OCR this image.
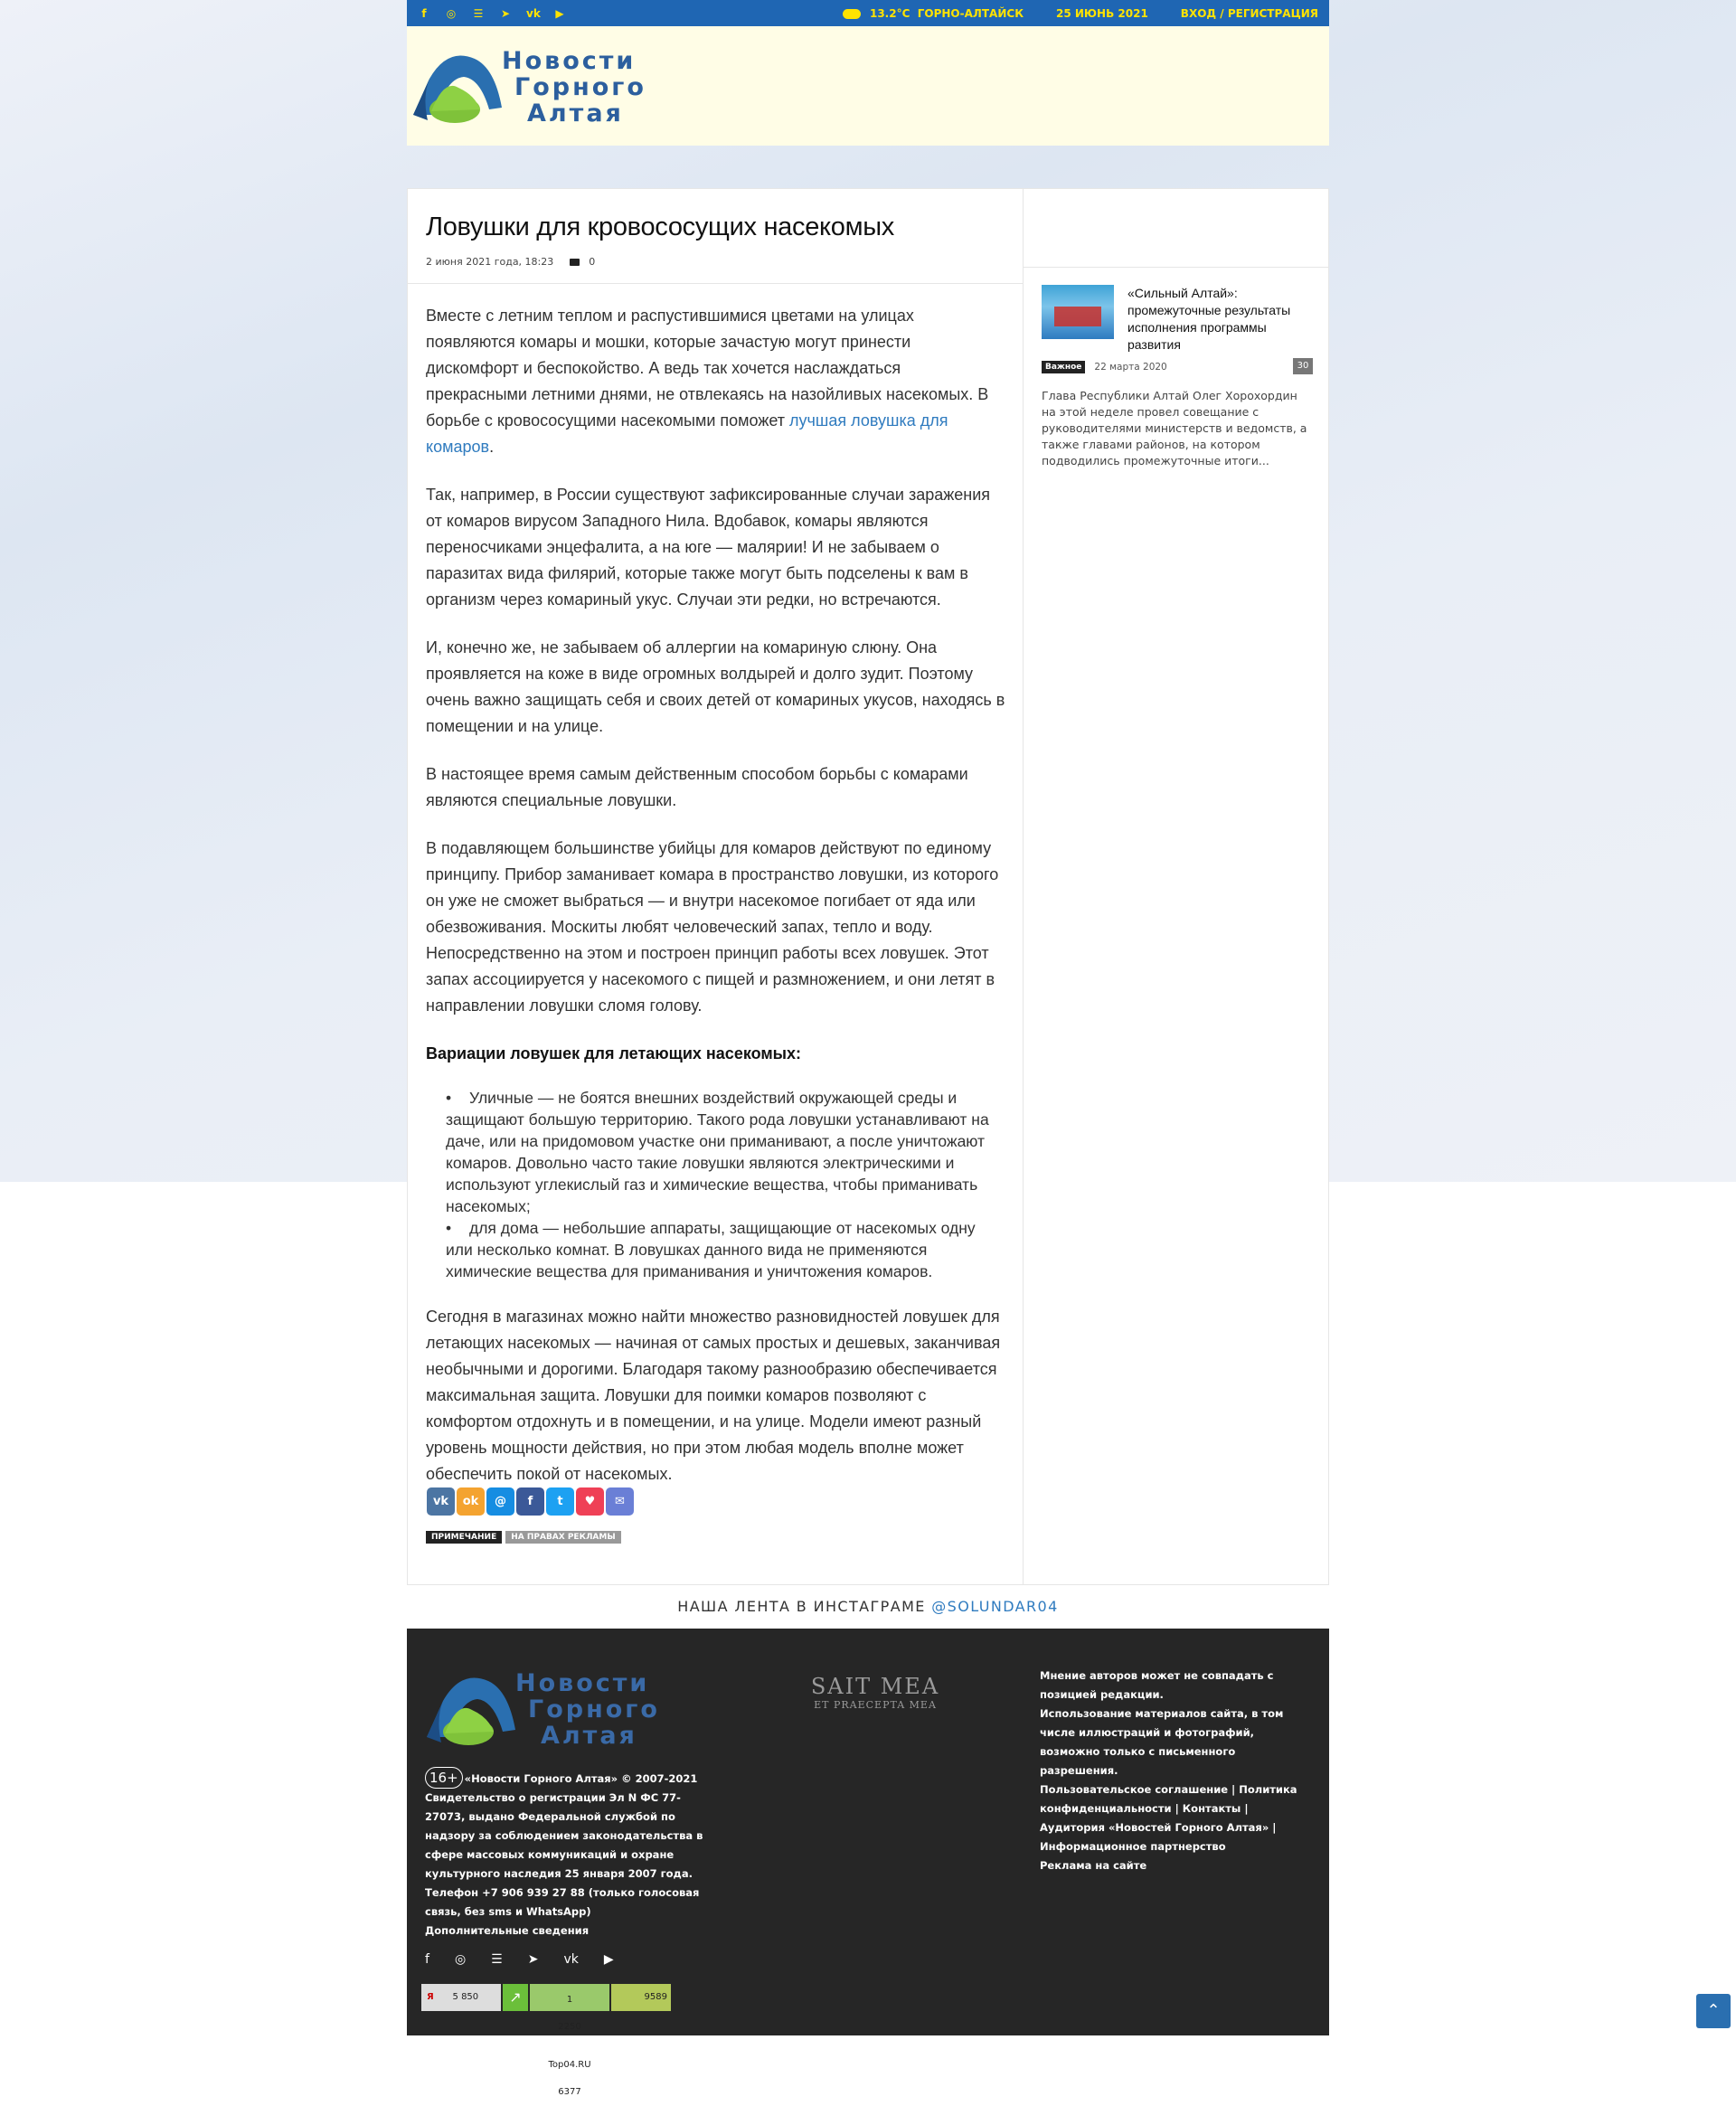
f	◎ ☰ ➤ vk ▶	13.2°C ГОРНО-АЛТАЙСК	25 ИЮНЬ 2021	ВХОД / РЕГИСТРАЦИЯ
Новости
Горного
Алтая
Ловушки для кровососущих насекомых
2 июня 2021 года, 18:23	0

Вместе с летним теплом и распустившимися цветами на улицах появляются комары и мошки, которые зачастую могут принести дискомфорт и беспокойство. А ведь так хочется наслаждаться прекрасными летними днями, не отвлекаясь на назойливых насекомых. В борьбе с кровососущими насекомыми поможет лучшая ловушка для комаров.

Так, например, в России существуют зафиксированные случаи заражения от комаров вирусом Западного Нила. Вдобавок, комары являются переносчиками энцефалита, а на юге — малярии! И не забываем о паразитах вида филярий, которые также могут быть подселены к вам в организм через комариный укус. Случаи эти редки, но встречаются.

И, конечно же, не забываем об аллергии на комариную слюну. Она проявляется на коже в виде огромных волдырей и долго зудит. Поэтому очень важно защищать себя и своих детей от комариных укусов, находясь в помещении и на улице.

В настоящее время самым действенным способом борьбы с комарами являются специальные ловушки.

В подавляющем большинстве убийцы для комаров действуют по единому принципу. Прибор заманивает комара в пространство ловушки, из которого он уже не сможет выбраться — и внутри насекомое погибает от яда или обезвоживания. Москиты любят человеческий запах, тепло и воду. Непосредственно на этом и построен принцип работы всех ловушек. Этот запах ассоциируется у насекомого с пищей и размножением, и они летят в направлении ловушки сломя голову.

Вариации ловушек для летающих насекомых:
• Уличные — не боятся внешних воздействий окружающей среды и защищают большую территорию. Такого рода ловушки устанавливают на даче, или на придомовом участке они приманивают, а после уничтожают комаров. Довольно часто такие ловушки являются электрическими и используют углекислый газ и химические вещества, чтобы приманивать насекомых;
• для дома — небольшие аппараты, защищающие от насекомых одну или несколько комнат. В ловушках данного вида не применяются химические вещества для приманивания и уничтожения комаров.

Сегодня в магазинах можно найти множество разновидностей ловушек для летающих насекомых — начиная от самых простых и дешевых, заканчивая необычными и дорогими. Благодаря такому разнообразию обеспечивается максимальная защита. Ловушки для поимки комаров позволяют с комфортом отдохнуть и в помещении, и на улице. Модели имеют разный уровень мощности действия, но при этом любая модель вполне может обеспечить покой от насекомых.

vk	ok	@	f	t	♥	✉
ПРИМЕЧАНИЕ	НА ПРАВАХ РЕКЛАМЫ
«Сильный Алтай»: промежуточные результаты исполнения программы развития
Важное	22 марта 2020	30
Глава Республики Алтай Олег Хорохордин на этой неделе провел совещание с руководителями министерств и ведомств, а также главами районов, на котором подводились промежуточные итоги...
НАША ЛЕНТА В ИНСТАГРАМЕ @SOLUNDAR04
Новости
Горного
Алтая
16+ «Новости Горного Алтая» © 2007-2021
Свидетельство о регистрации Эл N ФС 77-27073, выдано Федеральной службой по надзору за соблюдением законодательства в сфере массовых коммуникаций и охране культурного наследия 25 января 2007 года.
Телефон +7 906 939 27 88 (только голосовая связь, без sms и WhatsApp)
Дополнительные сведения
SAIT MEA
ET PRAECEPTA MEA
Мнение авторов может не совпадать с позицией редакции.
Использование материалов сайта, в том числе иллюстраций и фотографий, возможно только с письменного разрешения.
Пользовательское соглашение | Политика конфиденциальности | Контакты | Аудитория «Новостей Горного Алтая» | Информационное партнерство
Реклама на сайте
f ◎ ☰ ➤ vk ▶
Я	5 850	↗	1
2250

Top04.RU
6377
9589
⌃
